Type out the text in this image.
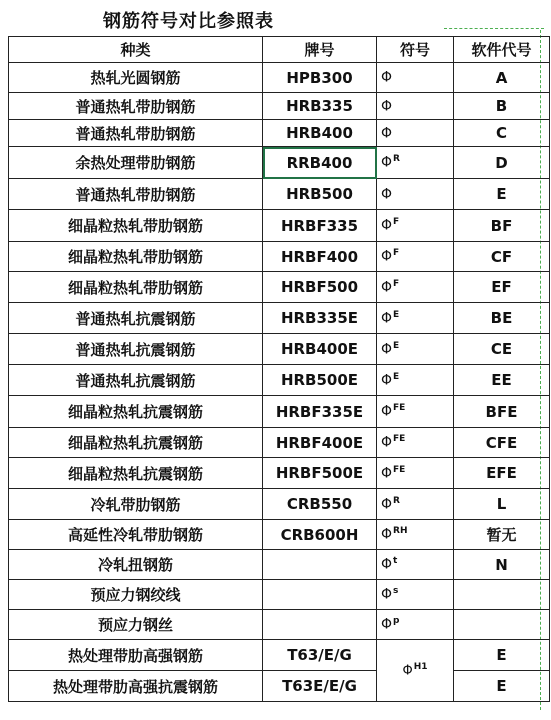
钢筋符号对比参照表
种类	牌号	符号	软件代号
热轧光圆钢筋	HPB300	Φ	A
普通热轧带肋钢筋	HRB335	Φ	B
普通热轧带肋钢筋	HRB400	Φ	C
余热处理带肋钢筋	RRB400	$\Phi^R$	D
普通热轧带肋钢筋	HRB500	Φ	E
细晶粒热轧带肋钢筋	HRBF335	$\Phi^F$	BF
细晶粒热轧带肋钢筋	HRBF400	$\Phi^F$	CF
细晶粒热轧带肋钢筋	HRBF500	$\Phi^F$	EF
普通热轧抗震钢筋	HRB335E	$\Phi^E$	BE
普通热轧抗震钢筋	HRB400E	$\Phi^E$	CE
普通热轧抗震钢筋	HRB500E	$\Phi^E$	EE
细晶粒热轧抗震钢筋	HRBF335E	$\Phi^{FE}$	BFE
细晶粒热轧抗震钢筋	HRBF400E	$\Phi^{FE}$	CFE
细晶粒热轧抗震钢筋	HRBF500E	$\Phi^{FE}$	EFE
冷轧带肋钢筋	CRB550	$\Phi^R$	L
高延性冷轧带肋钢筋	CRB600H	$\Phi^{RH}$	暂无
冷轧扭钢筋		$\Phi^t$	N
预应力钢绞线		$\Phi^s$	
预应力钢丝		$\Phi^p$	
热处理带肋高强钢筋	T63/E/G	$\Phi^{H1}$	E
热处理带肋高强抗震钢筋	T63E/E/G		E
